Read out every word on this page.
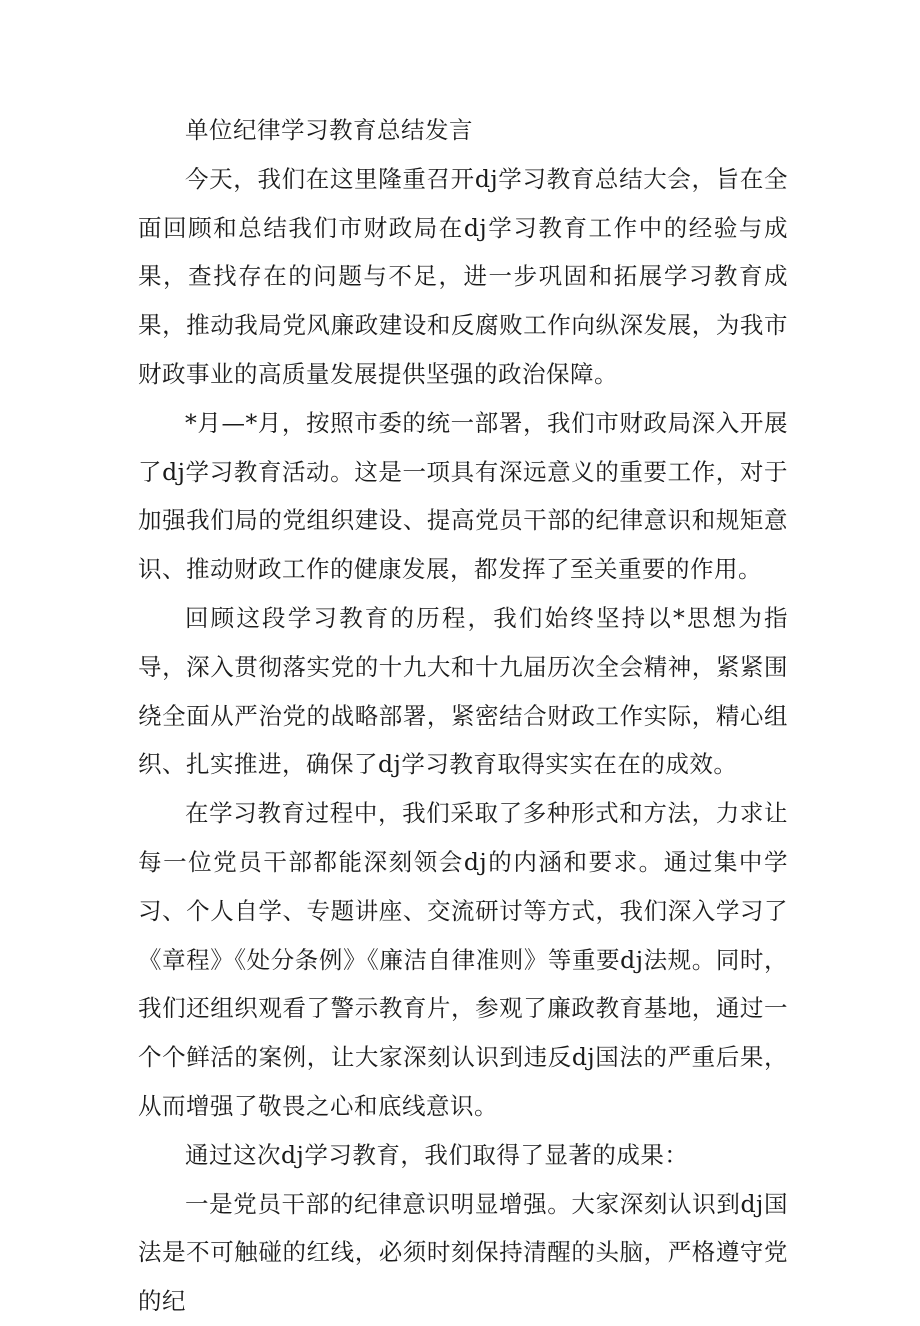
单位纪律学习教育总结发言

今天，我们在这里隆重召开dj学习教育总结大会，旨在全面回顾和总结我们市财政局在dj学习教育工作中的经验与成果，查找存在的问题与不足，进一步巩固和拓展学习教育成果，推动我局党风廉政建设和反腐败工作向纵深发展，为我市财政事业的高质量发展提供坚强的政治保障。

*月—*月，按照市委的统一部署，我们市财政局深入开展了dj学习教育活动。这是一项具有深远意义的重要工作，对于加强我们局的党组织建设、提高党员干部的纪律意识和规矩意识、推动财政工作的健康发展，都发挥了至关重要的作用。

回顾这段学习教育的历程，我们始终坚持以*思想为指导，深入贯彻落实党的十九大和十九届历次全会精神，紧紧围绕全面从严治党的战略部署，紧密结合财政工作实际，精心组织、扎实推进，确保了dj学习教育取得实实在在的成效。

在学习教育过程中，我们采取了多种形式和方法，力求让每一位党员干部都能深刻领会dj的内涵和要求。通过集中学习、个人自学、专题讲座、交流研讨等方式，我们深入学习了《章程》《处分条例》《廉洁自律准则》等重要dj法规。同时，我们还组织观看了警示教育片，参观了廉政教育基地，通过一个个鲜活的案例，让大家深刻认识到违反dj国法的严重后果，从而增强了敬畏之心和底线意识。

通过这次dj学习教育，我们取得了显著的成果：

一是党员干部的纪律意识明显增强。大家深刻认识到dj国法是不可触碰的红线，必须时刻保持清醒的头脑，严格遵守党的纪
